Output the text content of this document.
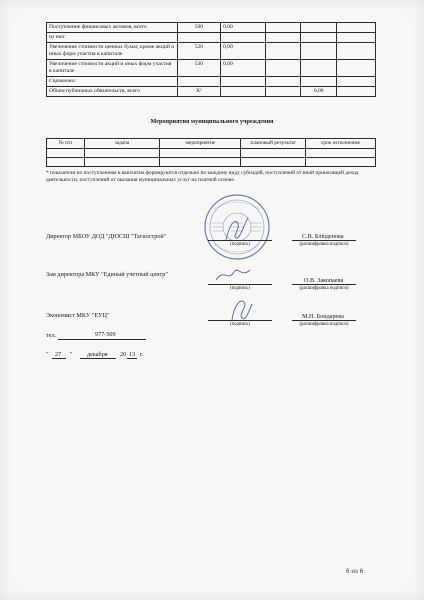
Поступление финансовых активов, всего	500	0,00			
из них:					
Увеличение стоимости ценных бумаг, кроме акций и иных форм участия в капитале	520	0,00			
Увеличение стоимости акций и иных форм участия в капитале	530	0,00			
Справочно:					
Объем публичных обязательств, всего	X²			0,00	
Мероприятия муниципального учреждения
№ п/п	задача	мероприятие	плановый результат	срок исполнения

* показатели по поступлениям и выплатам формируются отдельно по каждому виду субсидий, поступлений от иной приносящей доход деятельности, поступлений от оказания муниципальных услуг на платной основе.
Директор МБОУ ДОД "ДЮСШ "Тагилстрой"
(подпись)
С.В. Блюденова
(расшифровка подписи)
Зам директора МКУ "Единый учетный центр"
(подпись)
О.В. Закопаева
(расшифровка подписи)
Экономист МКУ "ЕУЦ"
(подпись)
М.Н. Бондарева
(расшифровка подписи)
тел.	977-509
" 27 " декабря 20 13 г.
6 из 6
